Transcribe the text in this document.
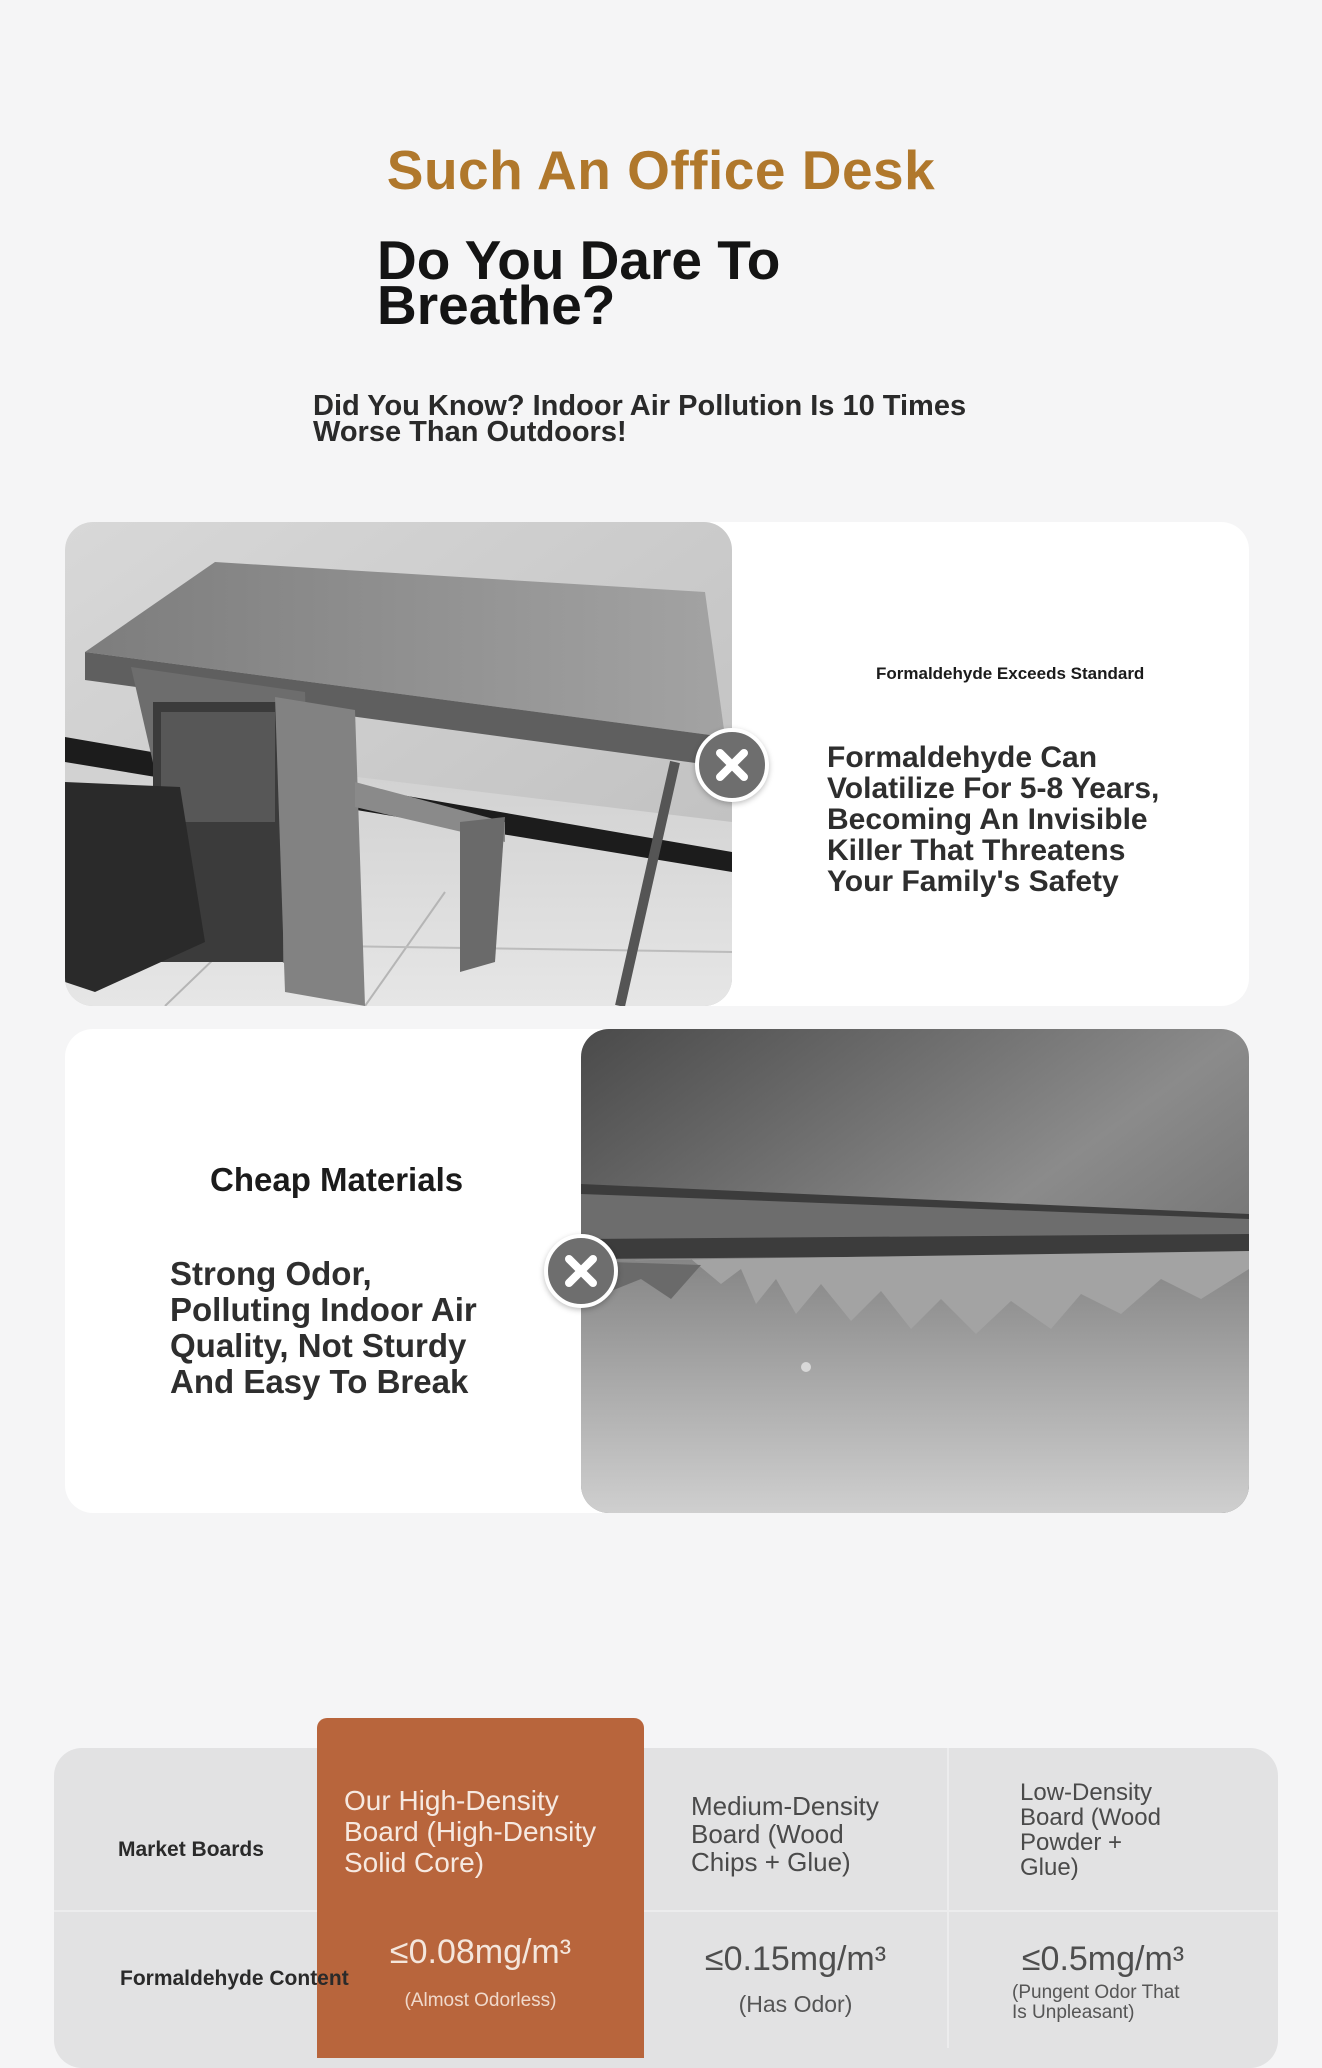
Such An Office Desk
Do You Dare To
Breathe?
Did You Know? Indoor Air Pollution Is 10 Times
Worse Than Outdoors!
Formaldehyde Exceeds Standard
Formaldehyde Can
Volatilize For 5-8 Years,
Becoming An Invisible
Killer That Threatens
Your Family's Safety
Cheap Materials
Strong Odor,
Polluting Indoor Air
Quality, Not Sturdy
And Easy To Break
Market Boards
Formaldehyde Content
Our High-Density
Board (High-Density
Solid Core)
≤0.08mg/m³
(Almost Odorless)
Medium-Density
Board (Wood
Chips + Glue)
≤0.15mg/m³
(Has Odor)
Low-Density
Board (Wood
Powder +
Glue)
≤0.5mg/m³
(Pungent Odor That
Is Unpleasant)
